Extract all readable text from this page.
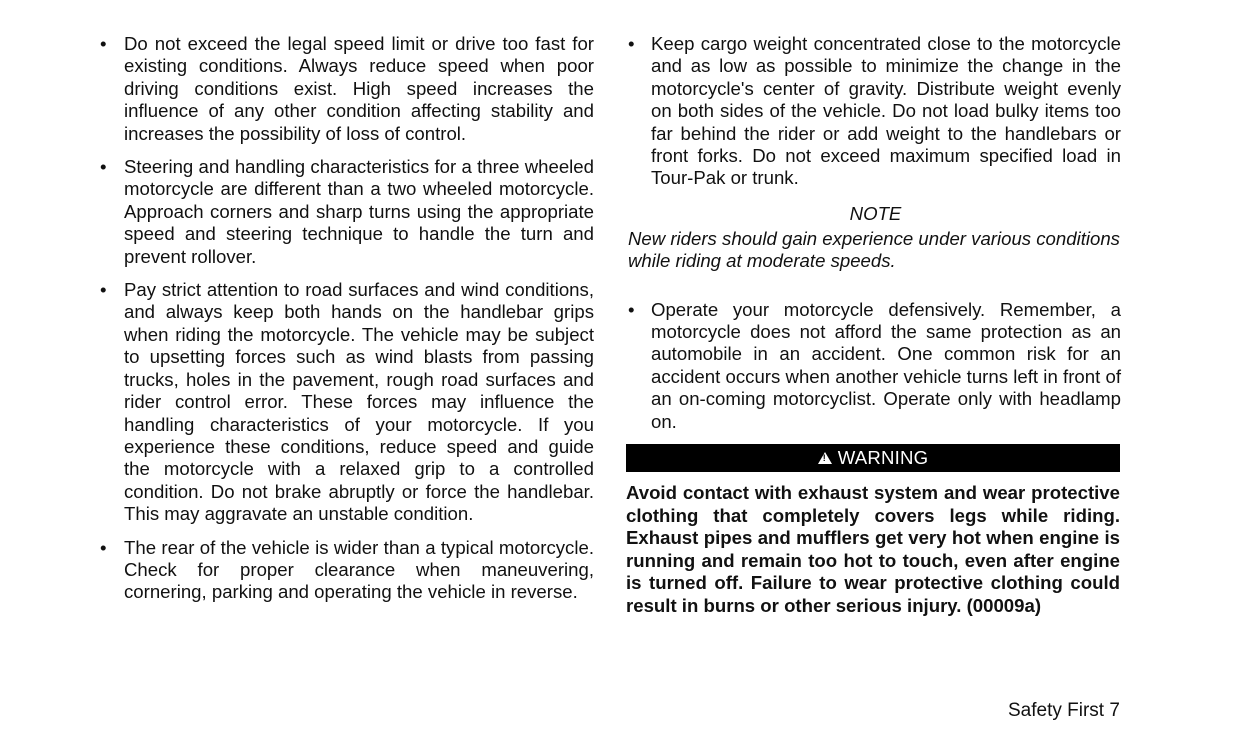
• Do not exceed the legal speed limit or drive too fast for existing conditions. Always reduce speed when poor driving conditions exist. High speed increases the influence of any other condition affecting stability and increases the possibility of loss of control.
• Steering and handling characteristics for a three wheeled motorcycle are different than a two wheeled motorcycle. Approach corners and sharp turns using the appropriate speed and steering technique to handle the turn and prevent rollover.
• Pay strict attention to road surfaces and wind conditions, and always keep both hands on the handlebar grips when riding the motorcycle. The vehicle may be subject to upsetting forces such as wind blasts from passing trucks, holes in the pavement, rough road surfaces and rider control error. These forces may influence the handling characteristics of your motorcycle. If you experience these conditions, reduce speed and guide the motorcycle with a relaxed grip to a controlled condition. Do not brake abruptly or force the handlebar. This may aggravate an unstable condition.
• The rear of the vehicle is wider than a typical motorcycle. Check for proper clearance when maneuvering, cornering, parking and operating the vehicle in reverse.
• Keep cargo weight concentrated close to the motorcycle and as low as possible to minimize the change in the motorcycle's center of gravity. Distribute weight evenly on both sides of the vehicle. Do not load bulky items too far behind the rider or add weight to the handlebars or front forks. Do not exceed maximum specified load in Tour-Pak or trunk.
NOTE
New riders should gain experience under various conditions while riding at moderate speeds.
• Operate your motorcycle defensively. Remember, a motorcycle does not afford the same protection as an automobile in an accident. One common risk for an accident occurs when another vehicle turns left in front of an on-coming motorcyclist. Operate only with headlamp on.
!
WARNING
Avoid contact with exhaust system and wear protective clothing that completely covers legs while riding. Exhaust pipes and mufflers get very hot when engine is running and remain too hot to touch, even after engine is turned off. Failure to wear protective clothing could result in burns or other serious injury. (00009a)
Safety First 7
